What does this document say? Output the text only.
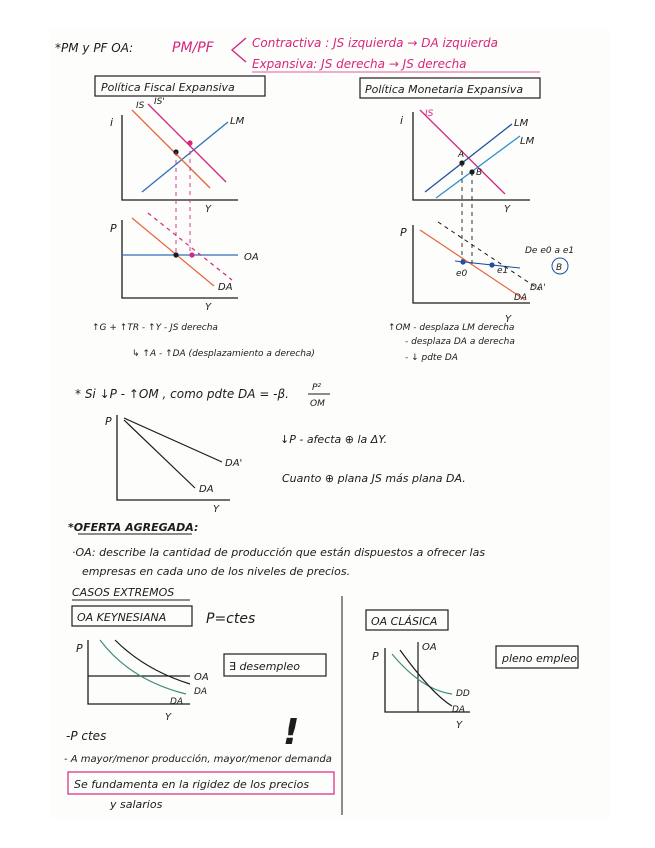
*PM y PF OA:	PM/PF	Contractiva : JS izquierda → DA izquierda
Expansiva: JS derecha → JS derecha
Política Fiscal Expansiva
i
Y
LM
IS IS'
P
Y
OA
DA
↑G + ↑TR - ↑Y - JS derecha
↳ ↑A - ↑DA (desplazamiento a derecha)
Política Monetaria Expansiva
i
Y
IS
LM
LM
A
B
P
Y
e0	e1
De e0 a e1
B
DA
DA'
↑OM - desplaza LM derecha
- desplaza DA a derecha
- ↓ pdte DA
* Si ↓P - ↑OM , como pdte DA = -β.	P²
OM
P
Y
DA'
DA
↓P - afecta ⊕ la ΔY.
Cuanto ⊕ plana JS más plana DA.
*OFERTA AGREGADA:
·OA: describe la cantidad de producción que están dispuestos a ofrecer las
empresas en cada uno de los niveles de precios.
CASOS EXTREMOS
OA KEYNESIANA	P=ctes
P
Y
OA
DA
DA
∃ desempleo
-P ctes	!
- A mayor/menor producción, mayor/menor demanda
Se fundamenta en la rigidez de los precios
y salarios
OA CLÁSICA
P
Y
OA
DD
DA
pleno empleo
